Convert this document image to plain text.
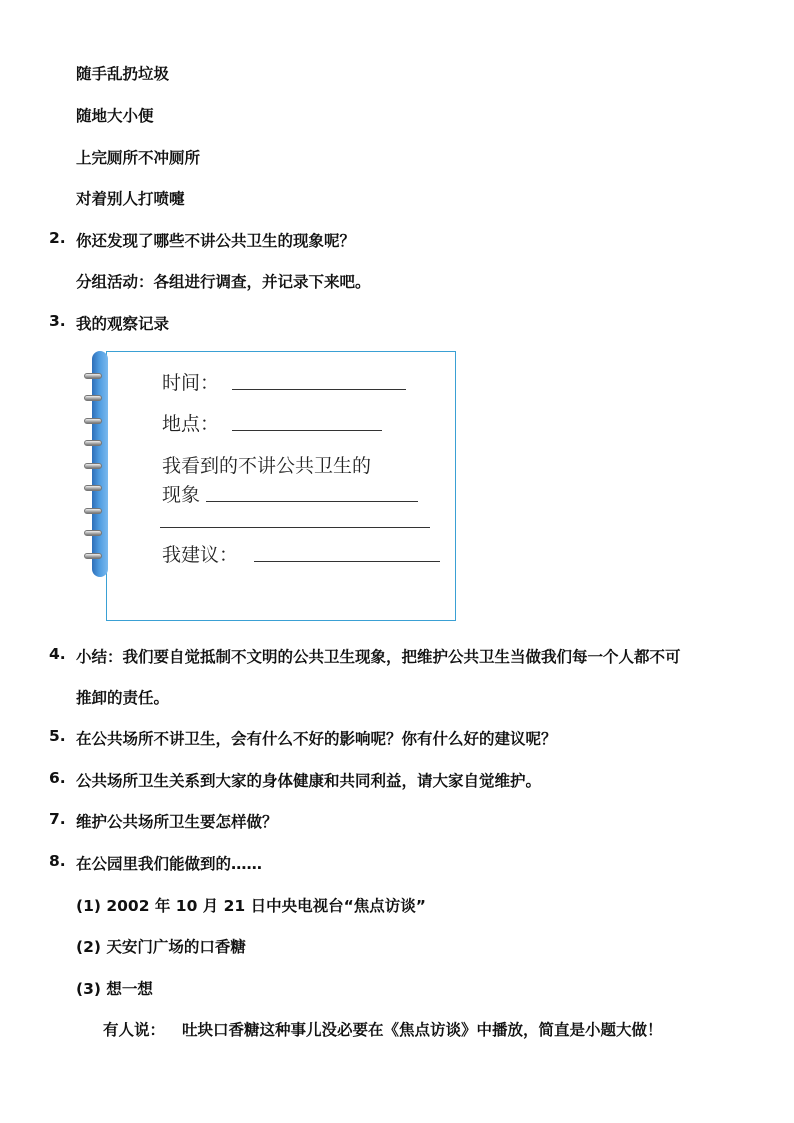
随手乱扔垃圾
随地大小便
上完厕所不冲厕所
对着别人打喷嚏
2. 你还发现了哪些不讲公共卫生的现象呢？
分组活动：各组进行调查，并记录下来吧。
3. 我的观察记录
时间：
地点：
我看到的不讲公共卫生的
现象
我建议：
4. 小结：我们要自觉抵制不文明的公共卫生现象，把维护公共卫生当做我们每一个人都不可
推卸的责任。
5. 在公共场所不讲卫生，会有什么不好的影响呢？你有什么好的建议呢？
6. 公共场所卫生关系到大家的身体健康和共同利益，请大家自觉维护。
7. 维护公共场所卫生要怎样做？
8. 在公园里我们能做到的……
(1) 2002 年 10 月 21 日中央电视台“焦点访谈”
(2) 天安门广场的口香糖
(3) 想一想
有人说： 吐块口香糖这种事儿没必要在《焦点访谈》中播放，简直是小题大做！
